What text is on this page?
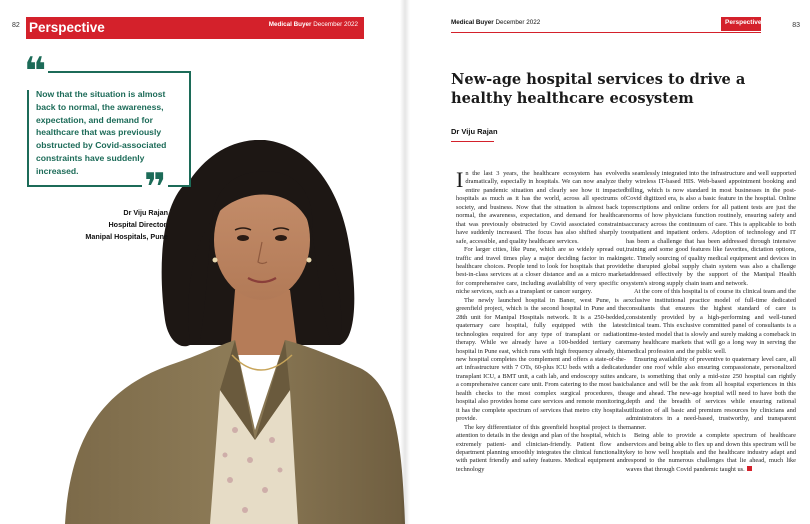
82 Perspective	Medical Buyer December 2022
❝

Now that the situation is almost back to normal, the awareness, expectation, and demand for healthcare that was previously obstructed by Covid-associated constraints have suddenly increased.	❞
Dr Viju Rajan
Hospital Director,
Manipal Hospitals, Pune
Medical Buyer December 2022	Perspective	83
New-age hospital services to drive a healthy healthcare ecosystem
Dr Viju Rajan

In the last 3 years, the healthcare ecosystem has evolved dramatically, especially in hospitals. We can now analyze the entire pandemic situation and clearly see how it impacted hospitals as much as it has the world, across all spectrums of society, and business. Now that the situation is almost back to normal, the awareness, expectation, and demand for healthcare that was previously obstructed by Covid associated constraints have suddenly increased. The focus has also shifted sharply to safe, accessible, and quality healthcare services.

For larger cities, like Pune, which are so widely spread out, traffic and travel times play a major deciding factor in making healthcare choices. People tend to look for hospitals that provide best-in-class services at a closer distance and as a micro market for comprehensive care, including availability of very specific or niche services, such as a transplant or cancer surgery.

The newly launched hospital in Baner, west Pune, is a greenfield project, which is the second hospital in Pune and the 28th unit for Manipal Hospitals network. It is a 250-bedded, quaternary care hospital, fully equipped with the latest technologies required for any type of transplant or radiation therapy. While we already have a 100-bedded tertiary care hospital in Pune east, which runs with high frequency already, this new hospital completes the complement and offers a state-of-the-art infrastructure with 7 OTs, 60-plus ICU beds with a dedicated transplant ICU, a BMT unit, a cath lab, and endoscopy suites and a comprehensive cancer care unit. From catering to the most basic health checks to the most complex surgical procedures, the hospital also provides home care services and remote monitoring, it has the complete spectrum of services that metro city hospitals provide.

The key differentiator of this greenfield hospital project is the attention to details in the design and plan of the hospital, which is extremely patient- and clinician-friendly. Patient flow and department planning smoothly integrates the clinical functionality with patient friendly and safety features. Medical equipment and technology

is seamlessly integrated into the infrastructure and well supported by wireless IT-based HIS. Web-based appointment booking and billing, which is now standard in most businesses in the post-Covid digitized era, is also a basic feature in the hospital. Online prescriptions and online orders for all patient tests are just the norms of how physicians function routinely, ensuring safety and accuracy across the continuum of care. This is applicable to both outpatient and inpatient orders. Adoption of technology and IT has been a challenge that has been addressed through intensive training and some good features like favorites, dictation options, etc. Timely sourcing of quality medical equipment and devices in the disrupted global supply chain system was also a challenge addressed effectively by the support of the Manipal Health system's strong supply chain team and network.

At the core of this hospital is of course its clinical team and the exclusive institutional practice model of full-time dedicated consultants that ensures the highest standard of care is consistently provided by a high-performing and well-tuned clinical team. This exclusive committed panel of consultants is a time-tested model that is slowly and surely making a comeback in many healthcare markets that will go a long way in serving the medical profession and the public well.

Ensuring availability of preventive to quaternary level care, all under one roof while also ensuring compassionate, personalized care, is something that only a mid-size 250 hospital can rightly balance and will be the ask from all hospital experiences in this age and ahead. The new-age hospital will need to have both the depth and the breadth of services while ensuring rational utilization of all basic and premium resources by clinicians and administrators in a need-based, trustworthy, and transparent manner.

Being able to provide a complete spectrum of healthcare services and being able to flex up and down this spectrum will be key to how well hospitals and the healthcare industry adapt and respond to the numerous challenges that lie ahead, much like waves that through Covid pandemic taught us.
